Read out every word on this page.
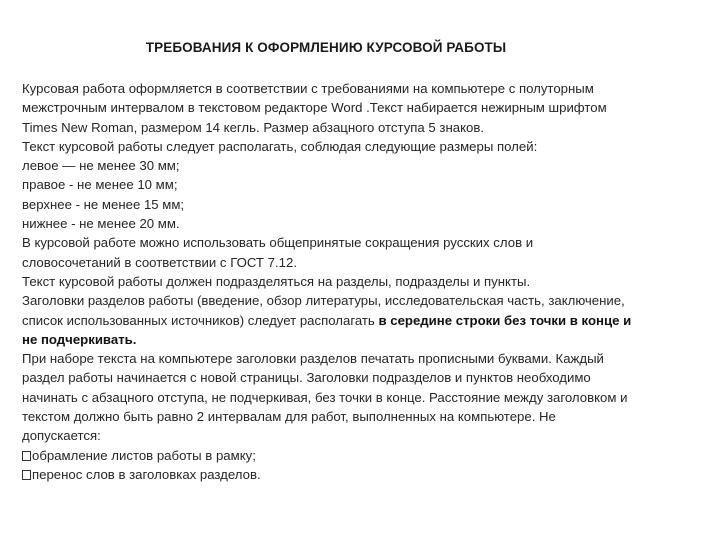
ТРЕБОВАНИЯ К ОФОРМЛЕНИЮ КУРСОВОЙ РАБОТЫ
Курсовая работа оформляется в соответствии с требованиями на компьютере с полуторным
межстрочным интервалом в текстовом редакторе Word .Текст набирается нежирным шрифтом
Times New Roman, размером 14 кегль. Размер абзацного отступа 5 знаков.
Текст курсовой работы следует располагать, соблюдая следующие размеры полей:
левое — не менее 30 мм;
правое - не менее 10 мм;
верхнее - не менее 15 мм;
нижнее - не менее 20 мм.
В курсовой работе можно использовать общепринятые сокращения русских слов и
словосочетаний в соответствии с ГОСТ 7.12.
Текст курсовой работы должен подразделяться на разделы, подразделы и пункты.
Заголовки разделов работы (введение, обзор литературы, исследовательская часть, заключение,
список использованных источников) следует располагать в середине строки без точки в конце и
не подчеркивать.
При наборе текста на компьютере заголовки разделов печатать прописными буквами. Каждый
раздел работы начинается с новой страницы. Заголовки подразделов и пунктов необходимо
начинать с абзацного отступа, не подчеркивая, без точки в конце. Расстояние между заголовком и
текстом должно быть равно 2 интервалам для работ, выполненных на компьютере. Не
допускается:
обрамление листов работы в рамку;
перенос слов в заголовках разделов.
